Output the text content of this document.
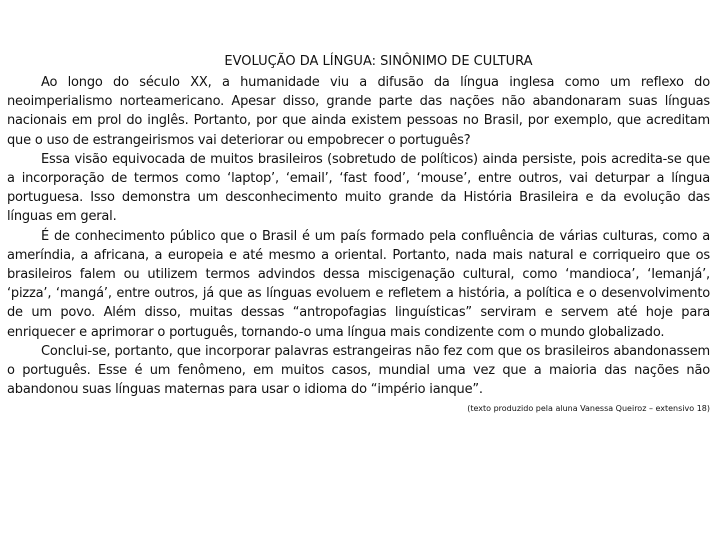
EVOLUÇÃO DA LÍNGUA: SINÔNIMO DE CULTURA

Ao longo do século XX, a humanidade viu a difusão da língua inglesa como um reflexo do neoimperialismo norteamericano. Apesar disso, grande parte das nações não abandonaram suas línguas nacionais em prol do inglês. Portanto, por que ainda existem pessoas no Brasil, por exemplo, que acreditam que o uso de estrangeirismos vai deteriorar ou empobrecer o português?

Essa visão equivocada de muitos brasileiros (sobretudo de políticos) ainda persiste, pois acredita-se que a incorporação de termos como ‘laptop’, ‘email’, ‘fast food’, ‘mouse’, entre outros, vai deturpar a língua portuguesa. Isso demonstra um desconhecimento muito grande da História Brasileira e da evolução das línguas em geral.

É de conhecimento público que o Brasil é um país formado pela confluência de várias culturas, como a ameríndia, a africana, a europeia e até mesmo a oriental. Portanto, nada mais natural e corriqueiro que os brasileiros falem ou utilizem termos advindos dessa miscigenação cultural, como ‘mandioca’, ‘Iemanjá’, ‘pizza’, ‘mangá’, entre outros, já que as línguas evoluem e refletem a história, a política e o desenvolvimento de um povo. Além disso, muitas dessas “antropofagias linguísticas” serviram e servem até hoje para enriquecer e aprimorar o português, tornando-o uma língua mais condizente com o mundo globalizado.

Conclui-se, portanto, que incorporar palavras estrangeiras não fez com que os brasileiros abandonassem o português. Esse é um fenômeno, em muitos casos, mundial uma vez que a maioria das nações não abandonou suas línguas maternas para usar o idioma do “império ianque”.

(texto produzido pela aluna Vanessa Queiroz – extensivo 18)
